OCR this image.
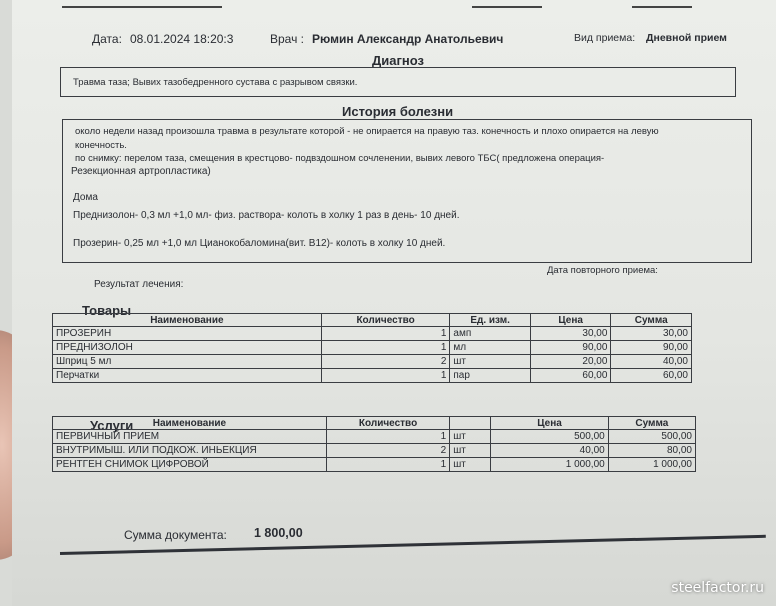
Дата: 08.01.2024 18:20:3	Врач : Рюмин Александр Анатольевич	Вид приема: Дневной прием
Диагноз
Травма таза; Вывих тазобедренного сустава с разрывом связки.
История болезни
около недели назад произошла травма в результате которой - не опирается на правую таз. конечность и плохо опирается на левую
конечность.
по снимку: перелом таза, смещения в крестцово- подвздошном сочленении, вывих левого ТБС( предложена операция-
Резекционная артропластика)
Дома
Преднизолон- 0,3 мл +1,0 мл- физ. раствора- колоть в холку 1 раз в день- 10 дней.
Прозерин- 0,25 мл +1,0 мл Цианокобаломина(вит. В12)- колоть в холку 10 дней.
Дата повторного приема:
Результат лечения:
Товары
Наименование	Количество	Ед. изм.	Цена	Сумма
ПРОЗЕРИН	1	амп	30,00	30,00
ПРЕДНИЗОЛОН	1	мл	90,00	90,00
Шприц 5 мл	2	шт	20,00	40,00
Перчатки	1	пар	60,00	60,00
Услуги Наименование	Количество		Цена	Сумма
ПЕРВИЧНЫЙ ПРИЕМ	1	шт	500,00	500,00
ВНУТРИМЫШ. ИЛИ ПОДКОЖ. ИНЬЕКЦИЯ	2	шт	40,00	80,00
РЕНТГЕН СНИМОК ЦИФРОВОЙ	1	шт	1 000,00	1 000,00
Сумма документа: 1 800,00
steelfactor.ru
